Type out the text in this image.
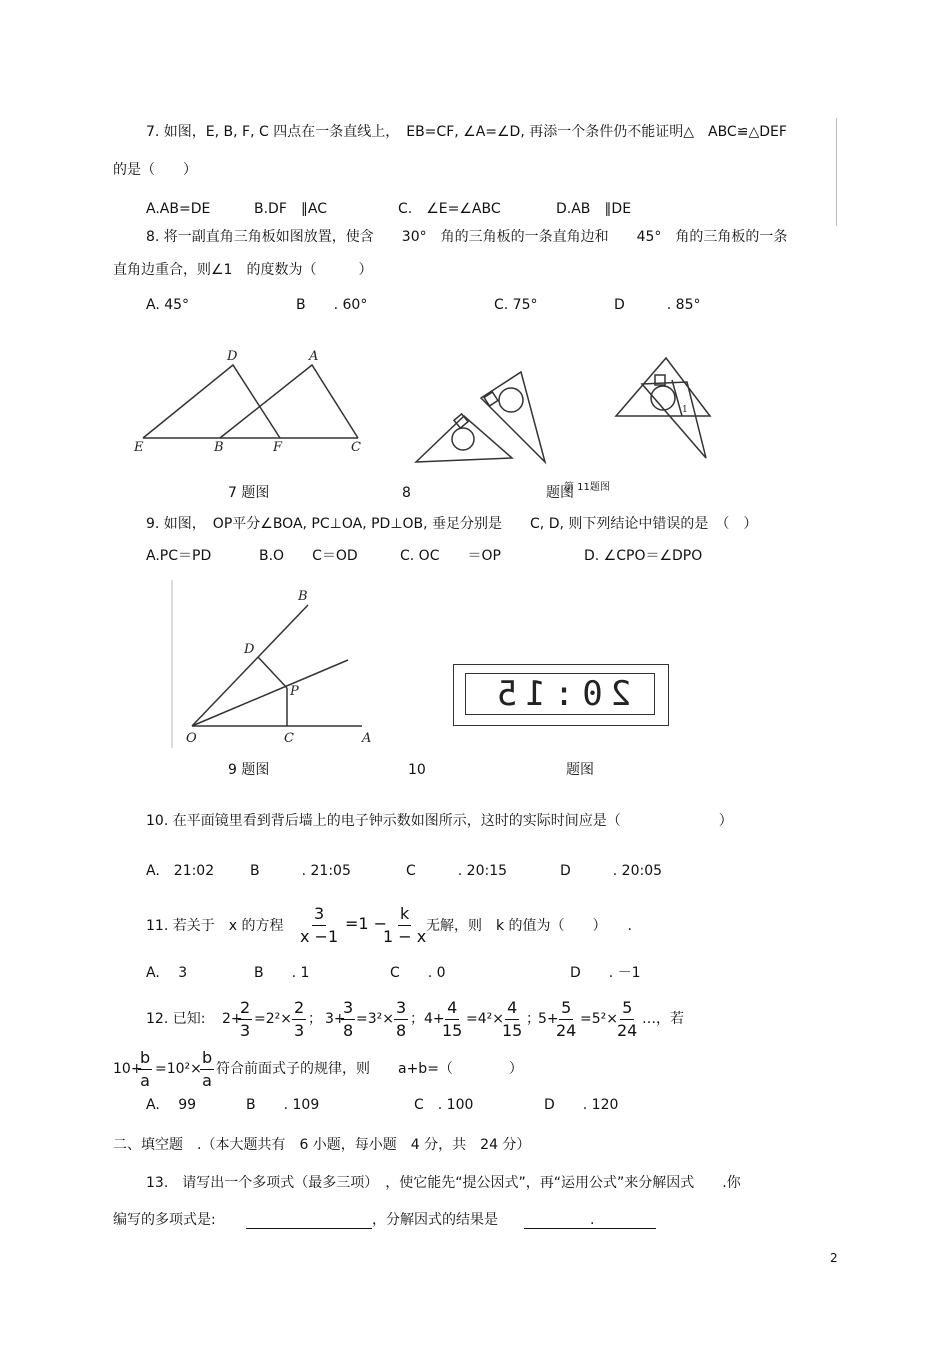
7. 如图，E, B, F, C 四点在一条直线上，　EB=CF, ∠A=∠D, 再添一个条件仍不能证明△　ABC≌△DEF
的是（　　）
A.AB=DE	B.DF　∥AC	C.　∠E=∠ABC	D.AB　∥DE
8. 将一副直角三角板如图放置，使含　　30°　角的三角板的一条直角边和　　45°　角的三角板的一条
直角边重合，则∠1　的度数为（　　　）
A. 45°	B　　. 60°	C. 75°	D　　　. 85°
D	A
E	B	F	C
1
7 题图	8	题图
第 11题图
9. 如图，　OP平分∠BOA, PC⊥OA, PD⊥OB, 垂足分别是　　C, D, 则下列结论中错误的是　（　）
A.PC＝PD	B.O　　C＝OD	C. OC　　＝OP	D. ∠CPO＝∠DPO
B
D
P
O	C	A
20:15
9 题图	10	题图
10. 在平面镜里看到背后墙上的电子钟示数如图所示，这时的实际时间应是（　　　　　　　）
A.　21:02	B　　　. 21:05	C　　　. 20:15	D　　　. 20:05
11. 若关于　x 的方程 $\frac{3}{x -1} =1$ −
$\frac{k}{1 - x}$ 无解，则　k 的值为（　　）　　.
A.　 3	B　　. 1	C　　. 0	D　　. －1
12. 已知: 2+
$\frac{2}{3} =2^2\times \frac{2}{3}$ ； 3+
$\frac{3}{8} =3^2\times \frac{3}{8}$ ； 4+
$\frac{4}{15} =4^2\times$
$\frac{4}{15}$ ；
5+
$\frac{5}{24} =5^2\times \frac{5}{24}$ …，若
10+
$\frac{b}{a} =10^2\times$
$\frac{b}{a}$ 符合前面式子的规律，则　　a+b=（　　　　）
A.　 99	B　　. 109	C　. 100	D　　. 120
二、填空题　.（本大题共有　6 小题，每小题　4 分，共　24 分）
13.　请写出一个多项式（最多三项）　，使它能先“提公因式”，再“运用公式”来分解因式　　.你
编写的多项式是:	，分解因式的结果是	.
2
